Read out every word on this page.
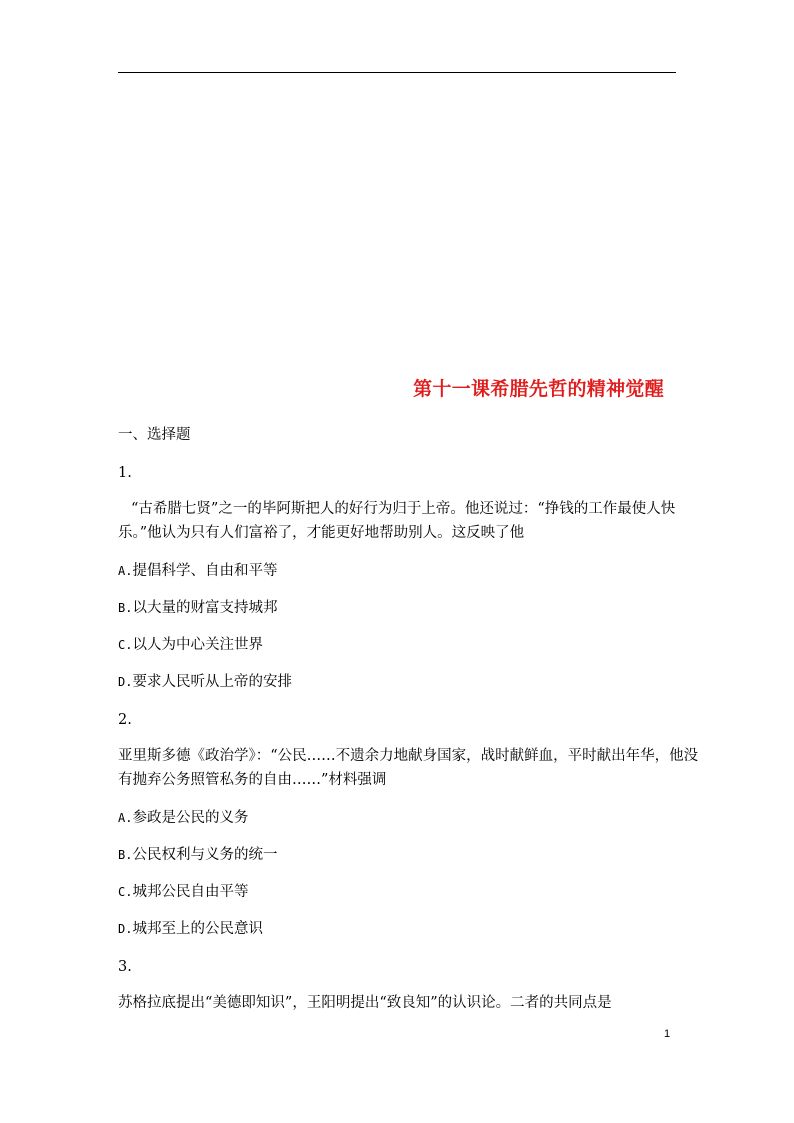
第十一课希腊先哲的精神觉醒
一、选择题
1.
“古希腊七贤”之一的毕阿斯把人的好行为归于上帝。他还说过：“挣钱的工作最使人快
乐。”他认为只有人们富裕了，才能更好地帮助别人。这反映了他
A.提倡科学、自由和平等
B.以大量的财富支持城邦
C.以人为中心关注世界
D.要求人民听从上帝的安排
2.
亚里斯多德《政治学》：“公民……不遗余力地献身国家，战时献鲜血，平时献出年华，他没
有抛弃公务照管私务的自由……”材料强调
A.参政是公民的义务
B.公民权利与义务的统一
C.城邦公民自由平等
D.城邦至上的公民意识
3.
苏格拉底提出“美德即知识”，王阳明提出“致良知”的认识论。二者的共同点是
1
